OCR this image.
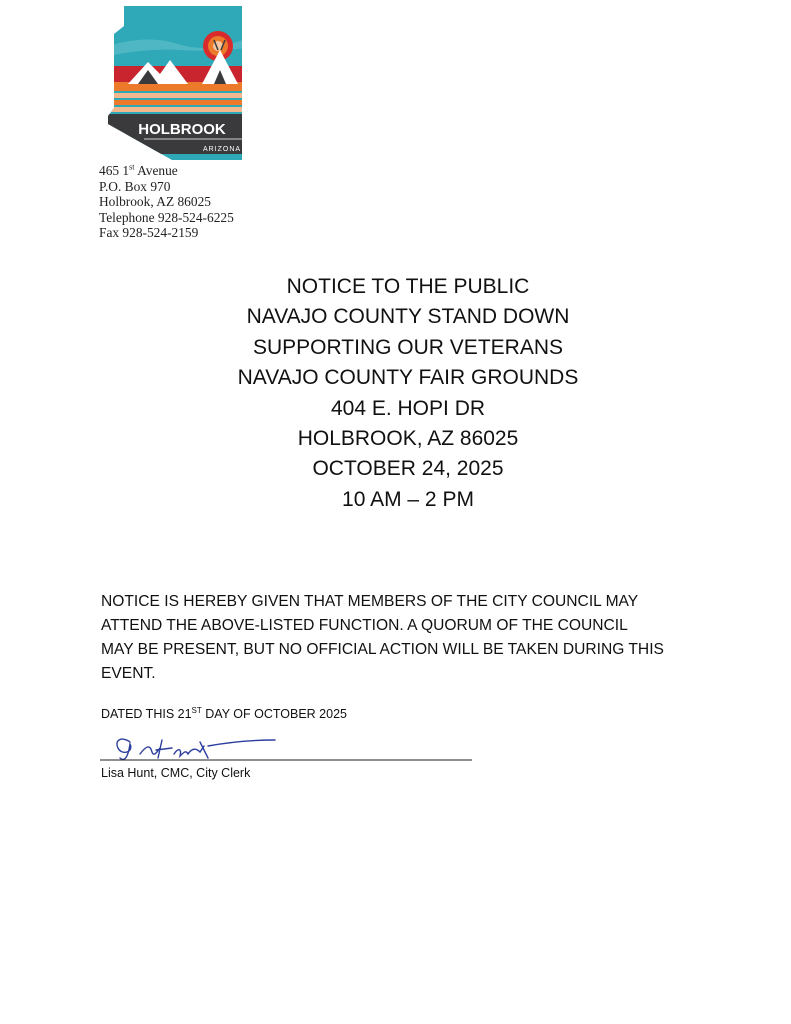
HOLBROOK
ARIZONA
465 1st Avenue
P.O. Box 970
Holbrook, AZ 86025
Telephone 928-524-6225
Fax 928-524-2159
NOTICE TO THE PUBLIC
NAVAJO COUNTY STAND DOWN
SUPPORTING OUR VETERANS
NAVAJO COUNTY FAIR GROUNDS
404 E. HOPI DR
HOLBROOK, AZ 86025
OCTOBER 24, 2025
10 AM – 2 PM
NOTICE IS HEREBY GIVEN THAT MEMBERS OF THE CITY COUNCIL MAY
ATTEND THE ABOVE-LISTED FUNCTION. A QUORUM OF THE COUNCIL
MAY BE PRESENT, BUT NO OFFICIAL ACTION WILL BE TAKEN DURING THIS
EVENT.
DATED THIS 21ST DAY OF OCTOBER 2025
Lisa Hunt, CMC, City Clerk
